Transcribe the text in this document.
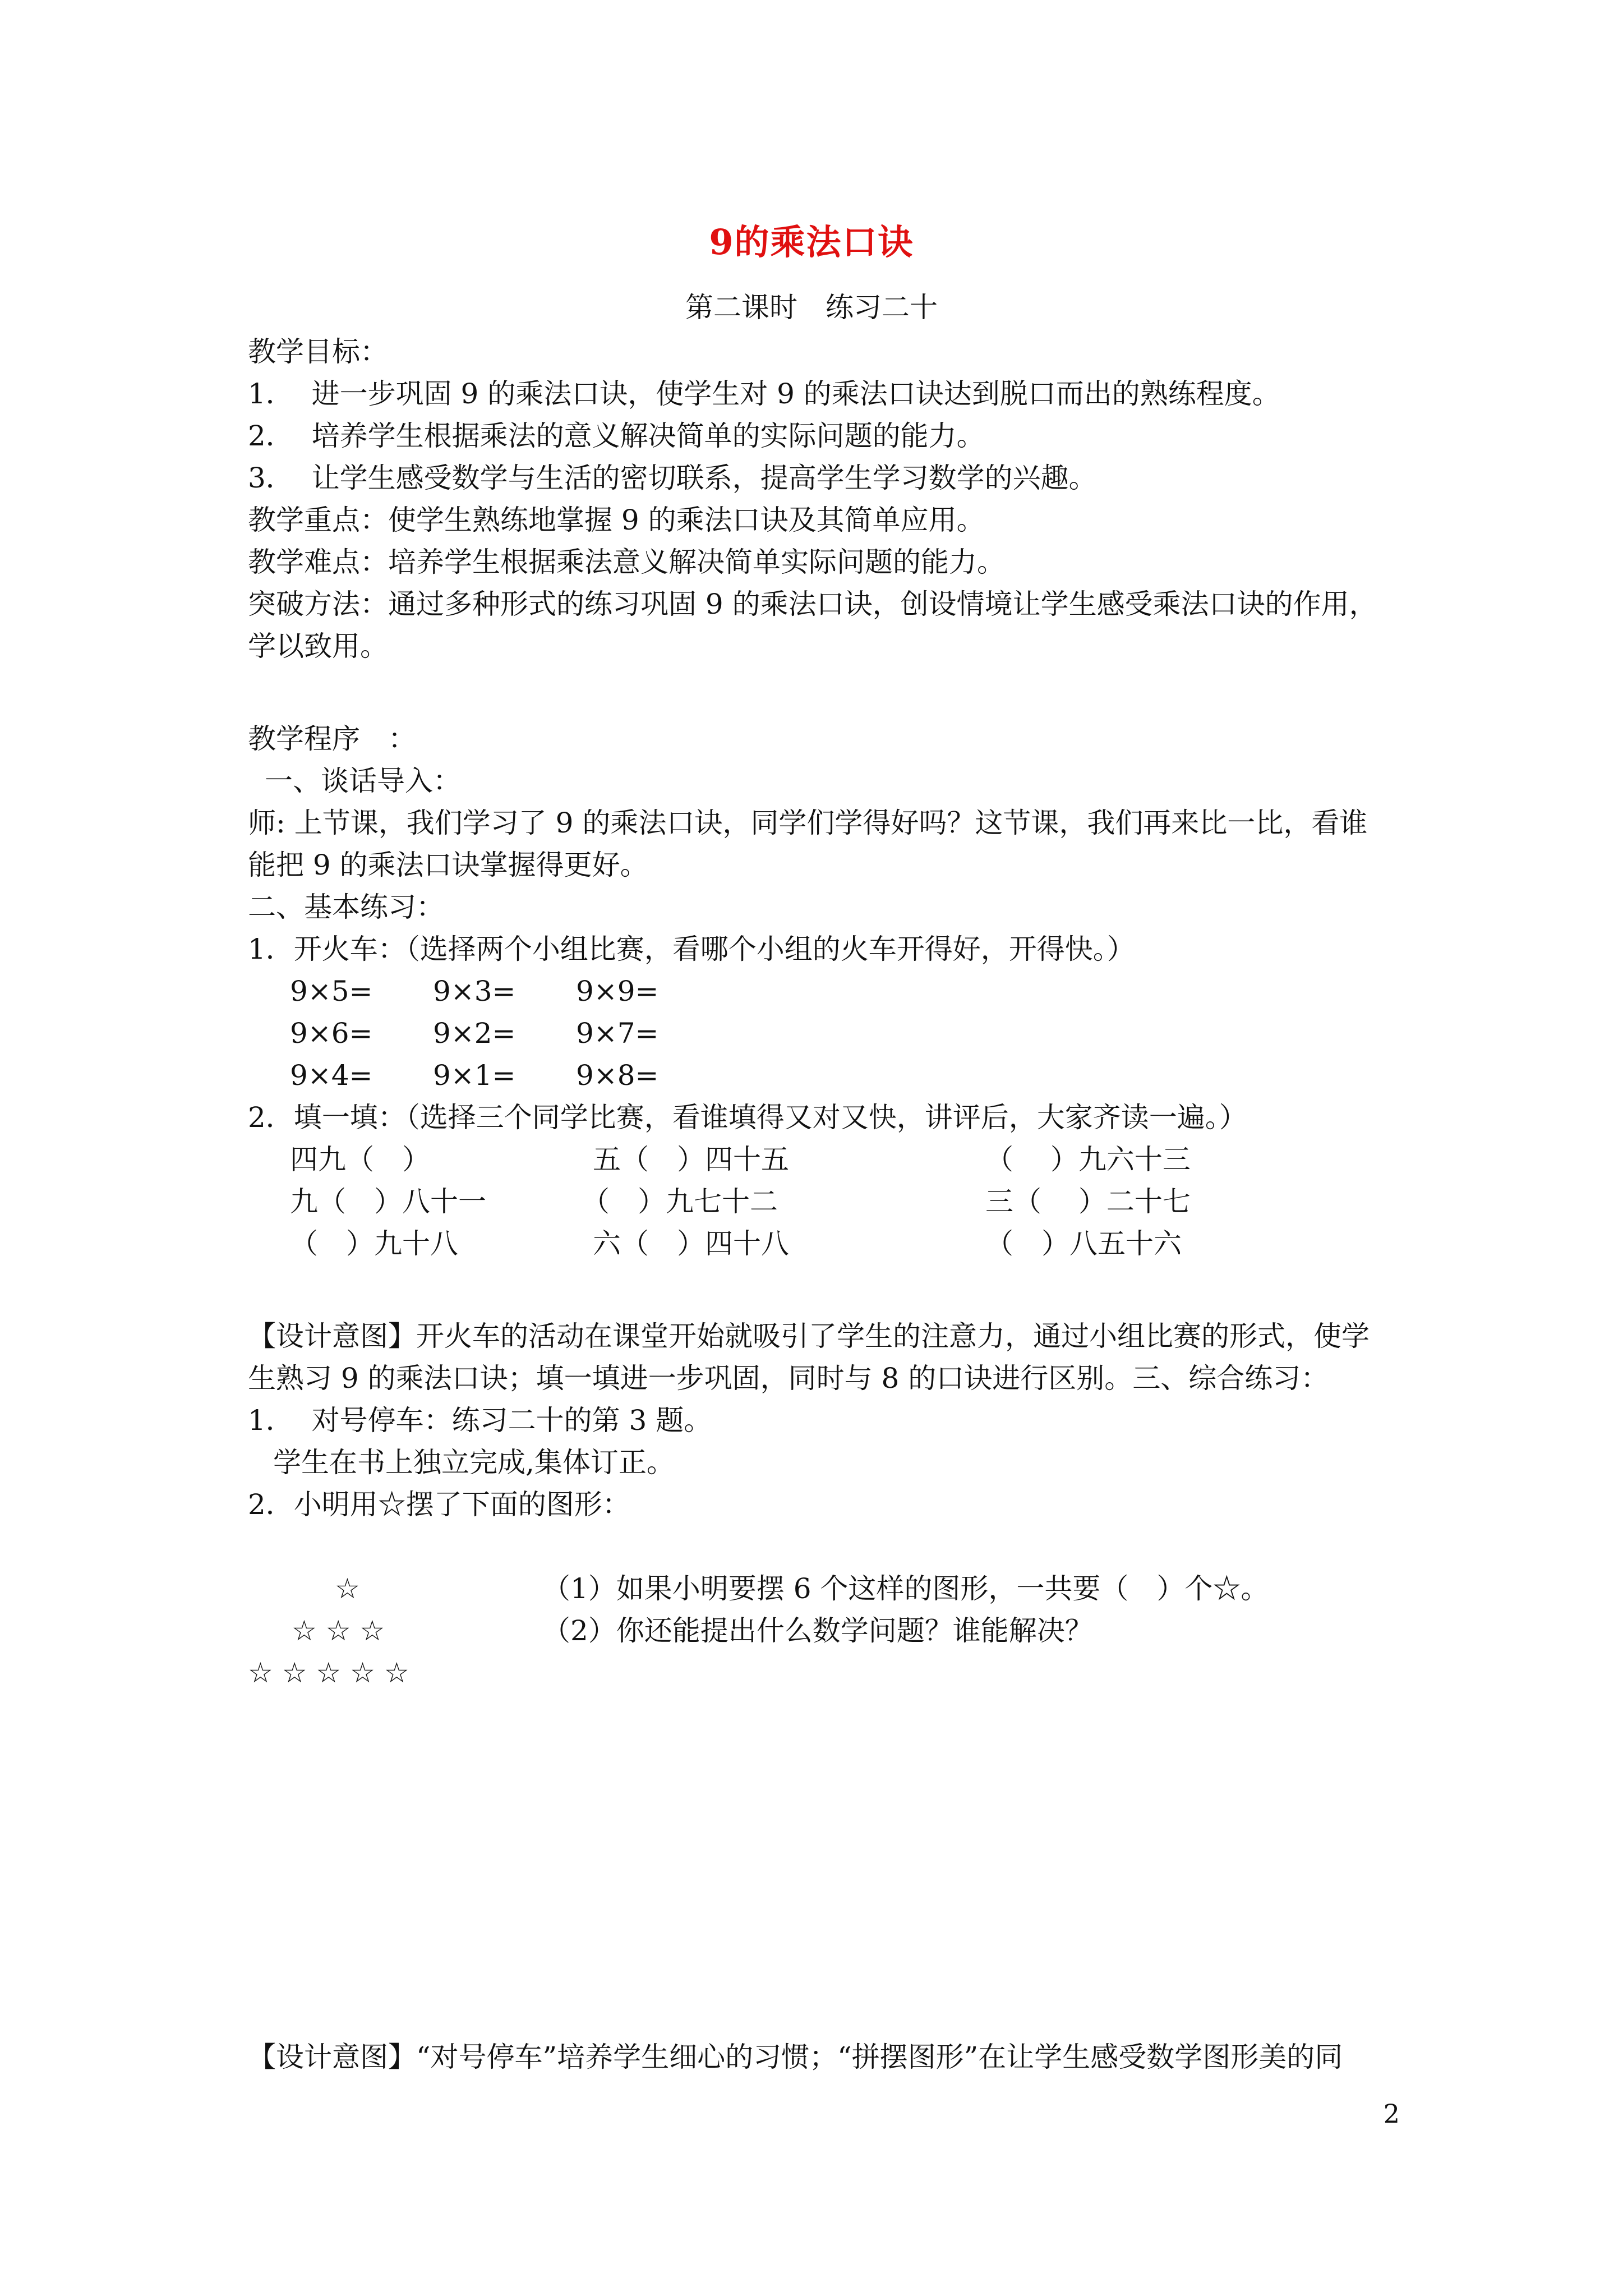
9的乘法口诀
第二课时　练习二十
教学目标：
1．  进一步巩固 9 的乘法口诀，使学生对 9 的乘法口诀达到脱口而出的熟练程度。
2．  培养学生根据乘法的意义解决简单的实际问题的能力。
3．  让学生感受数学与生活的密切联系，提高学生学习数学的兴趣。
教学重点：使学生熟练地掌握 9 的乘法口诀及其简单应用。
教学难点：培养学生根据乘法意义解决简单实际问题的能力。
突破方法：通过多种形式的练习巩固 9 的乘法口诀，创设情境让学生感受乘法口诀的作用，
学以致用。
教学程序　：
一、谈话导入：
师: 上节课，我们学习了 9 的乘法口诀，同学们学得好吗？这节课，我们再来比一比，看谁
能把 9 的乘法口诀掌握得更好。
二、基本练习：
1．开火车：（选择两个小组比赛，看哪个小组的火车开得好，开得快。）
9×5= 9×3= 9×9=
9×6= 9×2= 9×7=
9×4= 9×1= 9×8=
2．填一填：（选择三个同学比赛，看谁填得又对又快，讲评后，大家齐读一遍。）
四九（　）	五（　）四十五	（　 ）九六十三
九（　）八十一	（　）九七十二	三（　 ）二十七
（　）九十八	六（　）四十八	（　）八五十六
【设计意图】开火车的活动在课堂开始就吸引了学生的注意力，通过小组比赛的形式，使学
生熟习 9 的乘法口诀；填一填进一步巩固，同时与 8 的口诀进行区别。三、综合练习：
1．  对号停车：练习二十的第 3 题。
学生在书上独立完成,集体订正。
2．小明用☆摆了下面的图形：
☆
☆ ☆ ☆
☆ ☆ ☆ ☆ ☆
（1）如果小明要摆 6 个这样的图形，一共要（　）个☆。
（2）你还能提出什么数学问题？谁能解决？
【设计意图】“对号停车”培养学生细心的习惯；“拼摆图形”在让学生感受数学图形美的同
2
